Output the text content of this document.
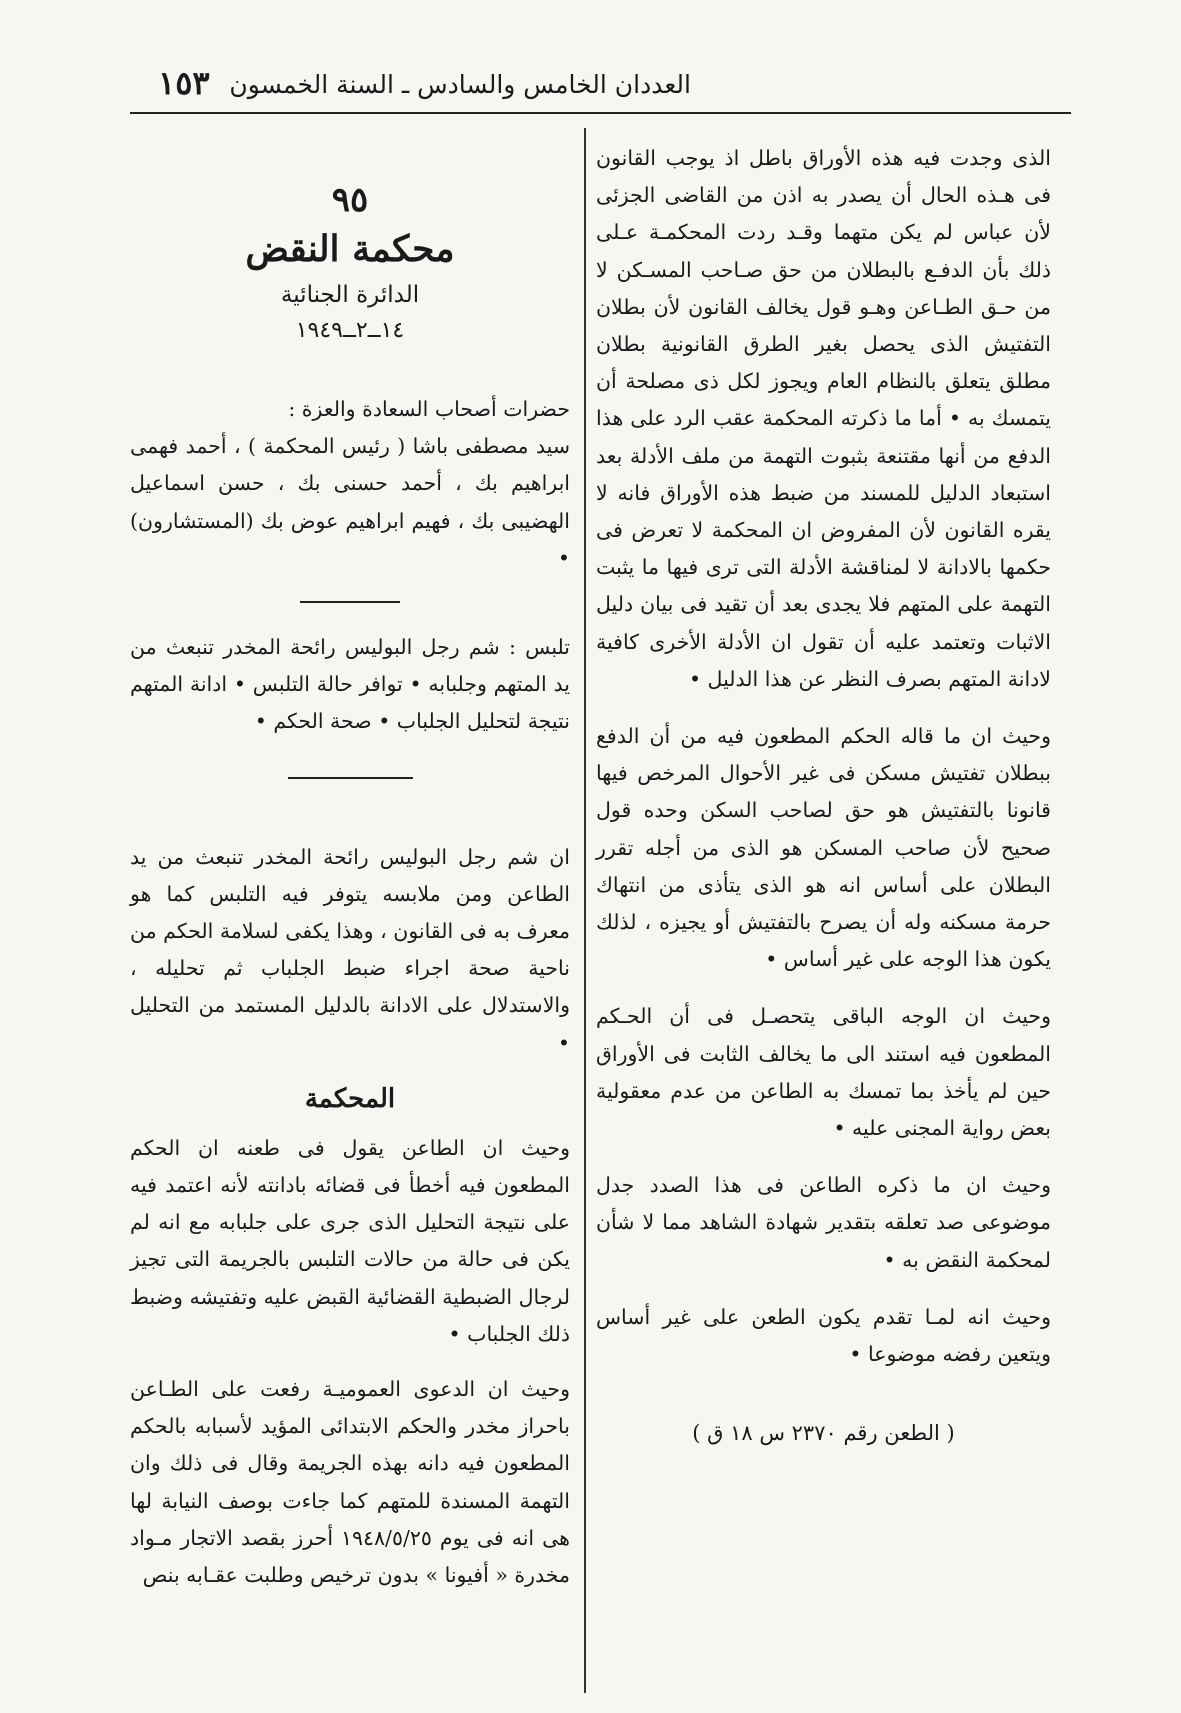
العددان الخامس والسادس ـ السنة الخمسون
١٥٣

الذى وجدت فيه هذه الأوراق باطل اذ يوجب القانون فى هـذه الحال أن يصدر به اذن من القاضى الجزئى لأن عباس لم يكن متهما وقـد ردت المحكمـة عـلى ذلك بأن الدفـع بالبطلان من حق صـاحب المسـكن لا من حـق الطـاعن وهـو قول يخالف القانون لأن بطلان التفتيش الذى يحصل بغير الطرق القانونية بطلان مطلق يتعلق بالنظام العام ويجوز لكل ذى مصلحة أن يتمسك به • أما ما ذكرته المحكمة عقب الرد على هذا الدفع من أنها مقتنعة بثبوت التهمة من ملف الأدلة بعد استبعاد الدليل للمسند من ضبط هذه الأوراق فانه لا يقره القانون لأن المفروض ان المحكمة لا تعرض فى حكمها بالادانة لا لمناقشة الأدلة التى ترى فيها ما يثبت التهمة على المتهم فلا يجدى بعد أن تقيد فى بيان دليل الاثبات وتعتمد عليه أن تقول ان الأدلة الأخرى كافية لادانة المتهم بصرف النظر عن هذا الدليل •

وحيث ان ما قاله الحكم المطعون فيه من أن الدفع ببطلان تفتيش مسكن فى غير الأحوال المرخص فيها قانونا بالتفتيش هو حق لصاحب السكن وحده قول صحيح لأن صاحب المسكن هو الذى من أجله تقرر البطلان على أساس انه هو الذى يتأذى من انتهاك حرمة مسكنه وله أن يصرح بالتفتيش أو يجيزه ، لذلك يكون هذا الوجه على غير أساس •

وحيث ان الوجه الباقى يتحصـل فى أن الحـكم المطعون فيه استند الى ما يخالف الثابت فى الأوراق حين لم يأخذ بما تمسك به الطاعن من عدم معقولية بعض رواية المجنى عليه •

وحيث ان ما ذكره الطاعن فى هذا الصدد جدل موضوعى صد تعلقه بتقدير شهادة الشاهد مما لا شأن لمحكمة النقض به •

وحيث انه لمـا تقدم يكون الطعن على غير أساس ويتعين رفضه موضوعا •

( الطعن رقم ٢٣٧٠ س ١٨ ق )
٩٥
محكمة النقض
الدائرة الجنائية
١٤ــ٢ــ١٩٤٩

حضرات أصحاب السعادة والعزة :

سيد مصطفى باشا ( رئيس المحكمة ) ، أحمد فهمى ابراهيم بك ، أحمد حسنى بك ، حسن اسماعيل الهضيبى بك ، فهيم ابراهيم عوض بك (المستشارون) •

تلبس : شم رجل البوليس رائحة المخدر تنبعث من يد المتهم وجلبابه • توافر حالة التلبس • ادانة المتهم نتيجة لتحليل الجلباب • صحة الحكم •

ان شم رجل البوليس رائحة المخدر تنبعث من يد الطاعن ومن ملابسه يتوفر فيه التلبس كما هو معرف به فى القانون ، وهذا يكفى لسلامة الحكم من ناحية صحة اجراء ضبط الجلباب ثم تحليله ، والاستدلال على الادانة بالدليل المستمد من التحليل •

المحكمة

وحيث ان الطاعن يقول فى طعنه ان الحكم المطعون فيه أخطأ فى قضائه بادانته لأنه اعتمد فيه على نتيجة التحليل الذى جرى على جلبابه مع انه لم يكن فى حالة من حالات التلبس بالجريمة التى تجيز لرجال الضبطية القضائية القبض عليه وتفتيشه وضبط ذلك الجلباب •

وحيث ان الدعوى العموميـة رفعت على الطـاعن باحراز مخدر والحكم الابتدائى المؤيد لأسبابه بالحكم المطعون فيه دانه بهذه الجريمة وقال فى ذلك وان التهمة المسندة للمتهم كما جاءت بوصف النيابة لها هى انه فى يوم ١٩٤٨/٥/٢٥ أحرز بقصد الاتجار مـواد مخدرة « أفيونا » بدون ترخيص وطلبت عقـابه بنص
